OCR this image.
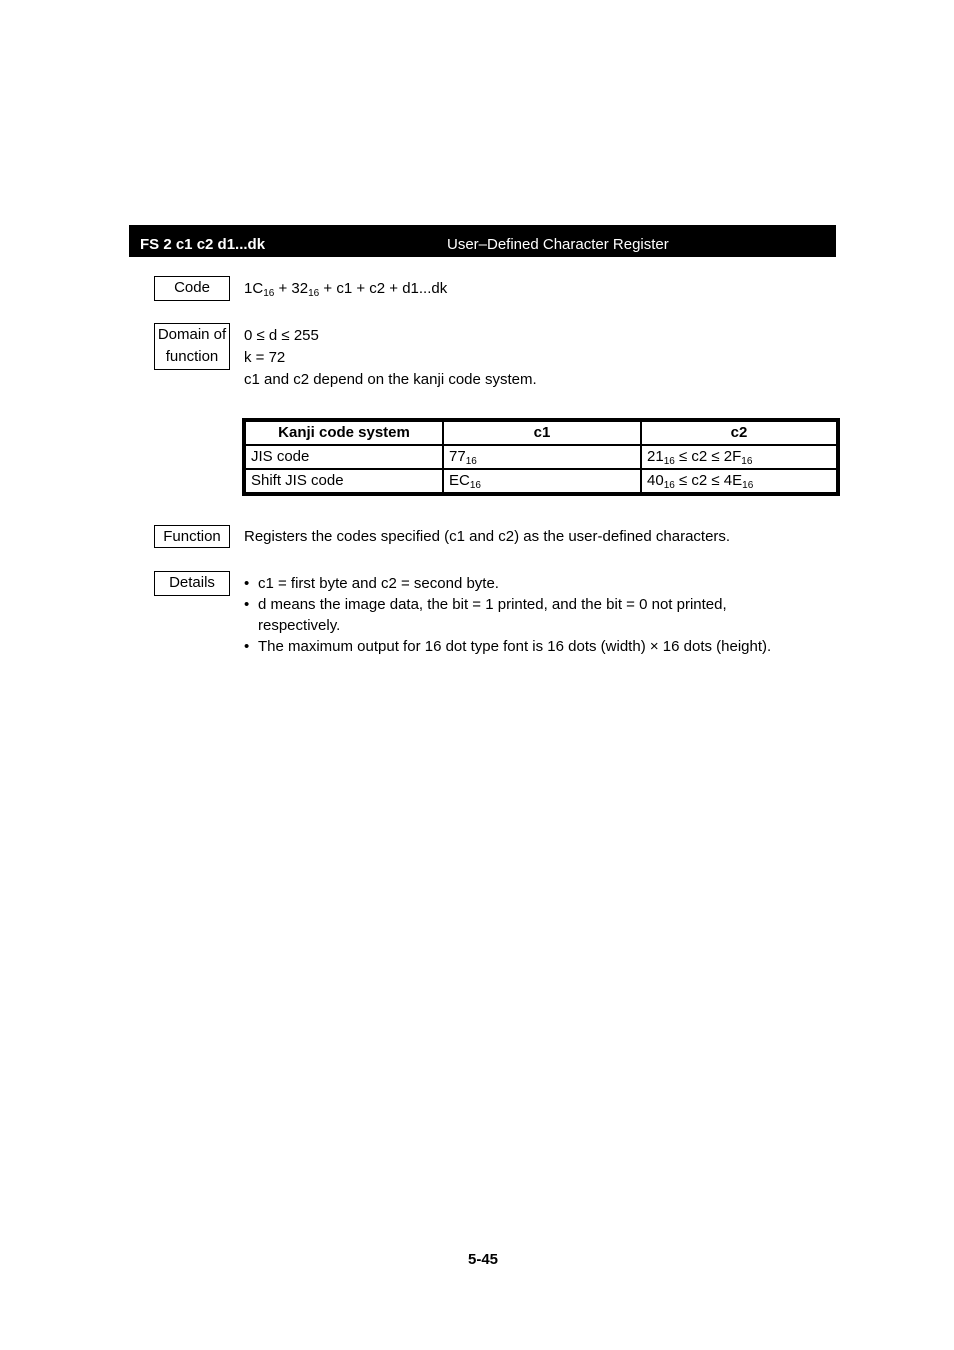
FS 2 c1 c2 d1...dk	User–Defined Character Register
Code	$1C_{16} + 32_{16} + c1 + c2 + d1...dk$
Domain of
function
0 ≤ d ≤ 255
k = 72
c1 and c2 depend on the kanji code system.
Kanji code system	c1	c2
JIS code	$77_{16}$	$21_{16} \le c2 \le 2F_{16}$
Shift JIS code	$EC_{16}$	$40_{16} \le c2 \le 4E_{16}$
Function	Registers the codes specified (c1 and c2) as the user-defined characters.
Details	• c1 = first byte and c2 = second byte.
• d means the image data, the bit = 1 printed, and the bit = 0 not printed,
respectively.
• The maximum output for 16 dot type font is 16 dots (width) × 16 dots (height).
5-45
